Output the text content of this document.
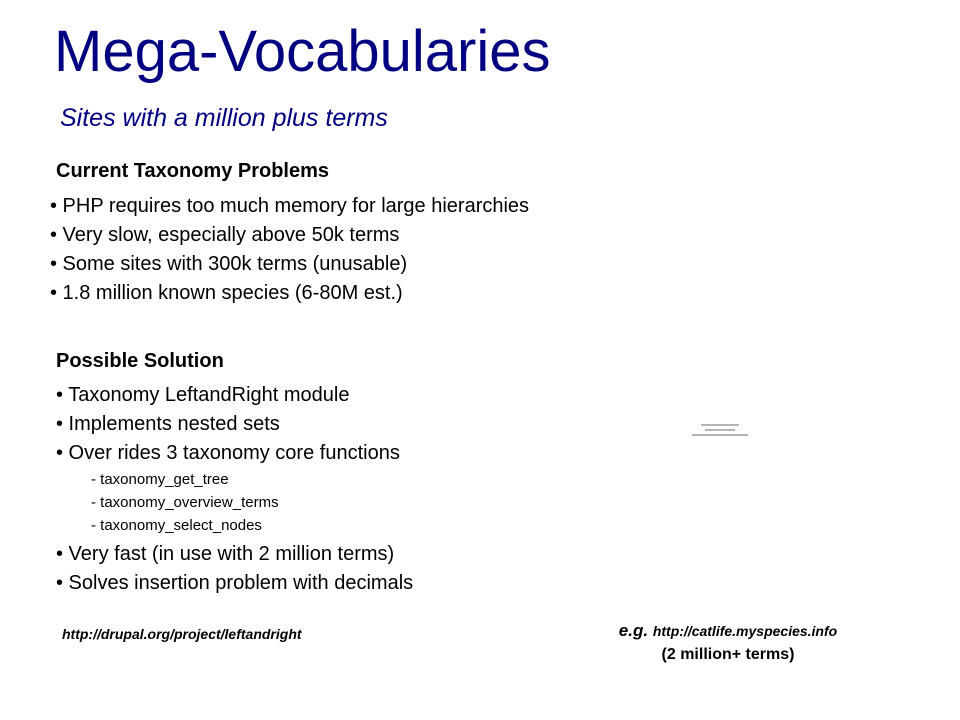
Mega-Vocabularies
Sites with a million plus terms
Current Taxonomy Problems
• PHP requires too much memory for large hierarchies
• Very slow, especially above 50k terms
• Some sites with 300k terms (unusable)
• 1.8 million known species (6-80M est.)
Possible Solution
• Taxonomy LeftandRight module
• Implements nested sets
• Over rides 3 taxonomy core functions
- taxonomy_get_tree
- taxonomy_overview_terms
- taxonomy_select_nodes
• Very fast (in use with 2 million terms)
• Solves insertion problem with decimals
http://drupal.org/project/leftandright	e.g. http://catlife.myspecies.info
(2 million+ terms)
